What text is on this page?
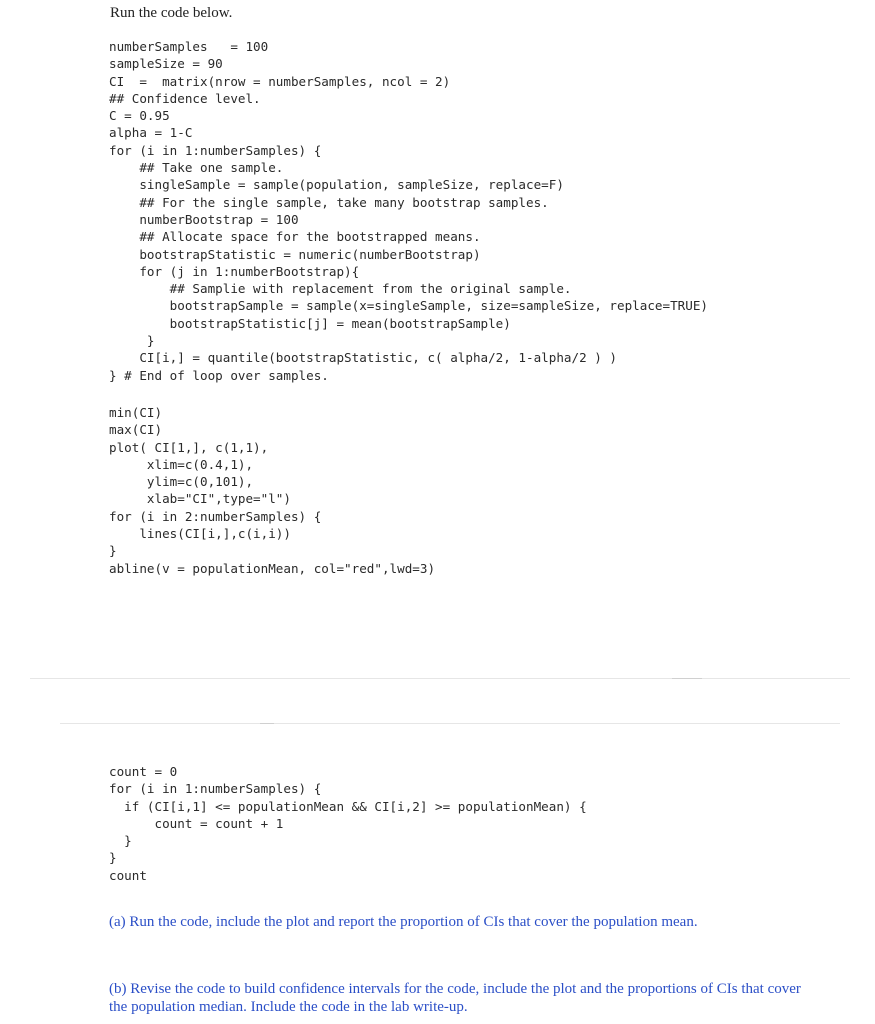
Run the code below.

numberSamples   = 100
sampleSize = 90
CI  =  matrix(nrow = numberSamples, ncol = 2)
## Confidence level.
C = 0.95
alpha = 1-C
for (i in 1:numberSamples) {
## Take one sample.
singleSample = sample(population, sampleSize, replace=F)
## For the single sample, take many bootstrap samples.
numberBootstrap = 100
## Allocate space for the bootstrapped means.
bootstrapStatistic = numeric(numberBootstrap)
for (j in 1:numberBootstrap){
## Samplie with replacement from the original sample.
bootstrapSample = sample(x=singleSample, size=sampleSize, replace=TRUE)
bootstrapStatistic[j] = mean(bootstrapSample)
}
CI[i,] = quantile(bootstrapStatistic, c( alpha/2, 1-alpha/2 ) )
} # End of loop over samples.
min(CI)
max(CI)
plot( CI[1,], c(1,1),
xlim=c(0.4,1),
ylim=c(0,101),
xlab="CI",type="l")
for (i in 2:numberSamples) {
lines(CI[i,],c(i,i))
}
abline(v = populationMean, col="red",lwd=3)
count = 0
for (i in 1:numberSamples) {
if (CI[i,1] <= populationMean && CI[i,2] >= populationMean) {
count = count + 1
}
}
count

(a) Run the code, include the plot and report the proportion of CIs that cover the population mean.

(b) Revise the code to build confidence intervals for the code, include the plot and the proportions of CIs that cover the population median. Include the code in the lab write-up.
